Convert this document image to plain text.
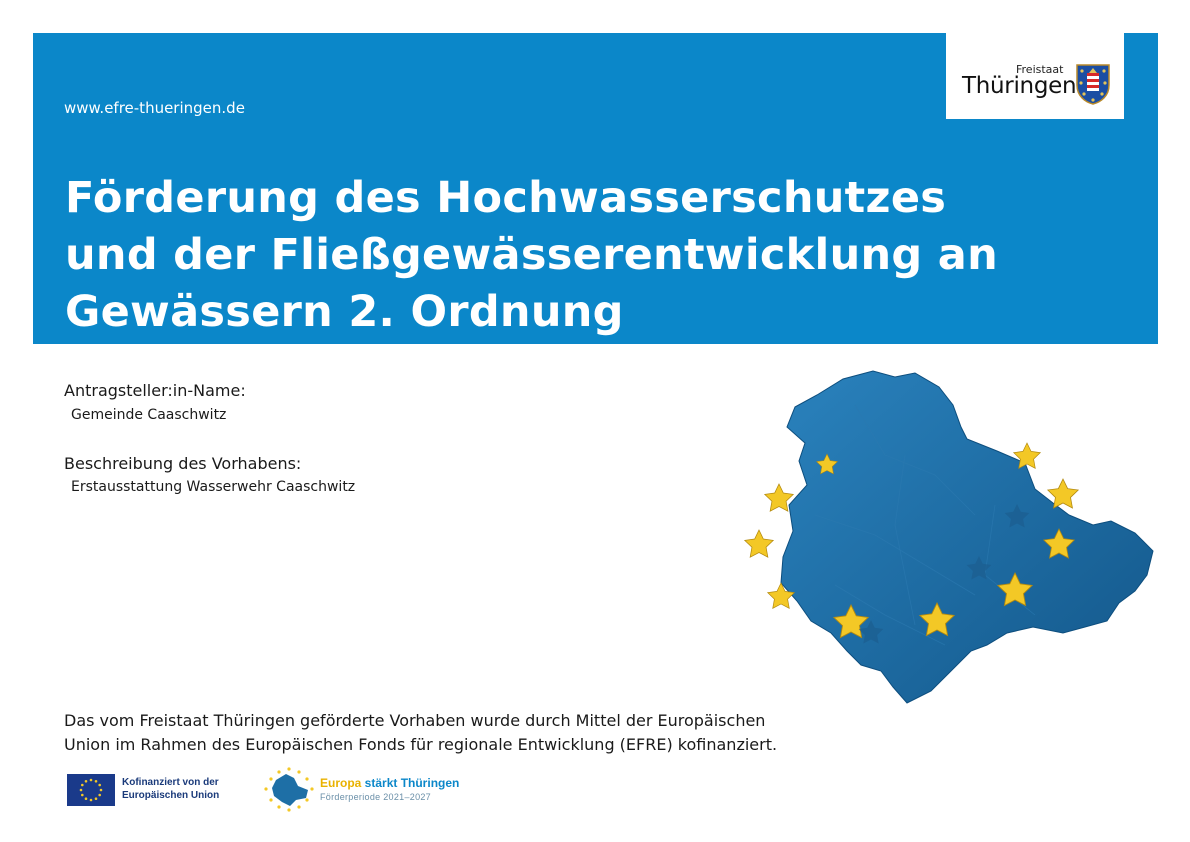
www.efre-thueringen.de
Freistaat
Thüringen
Förderung des Hochwasserschutzes
und der Fließgewässerentwicklung an
Gewässern 2. Ordnung
Antragsteller:in-Name:
Gemeinde Caaschwitz
Beschreibung des Vorhabens:
Erstausstattung Wasserwehr Caaschwitz

Das vom Freistaat Thüringen geförderte Vorhaben wurde durch Mittel der Europäischen
Union im Rahmen des Europäischen Fonds für regionale Entwicklung (EFRE) kofinanziert.

Kofinanziert von der
Europäischen Union
Europa stärkt Thüringen
Förderperiode 2021–2027
